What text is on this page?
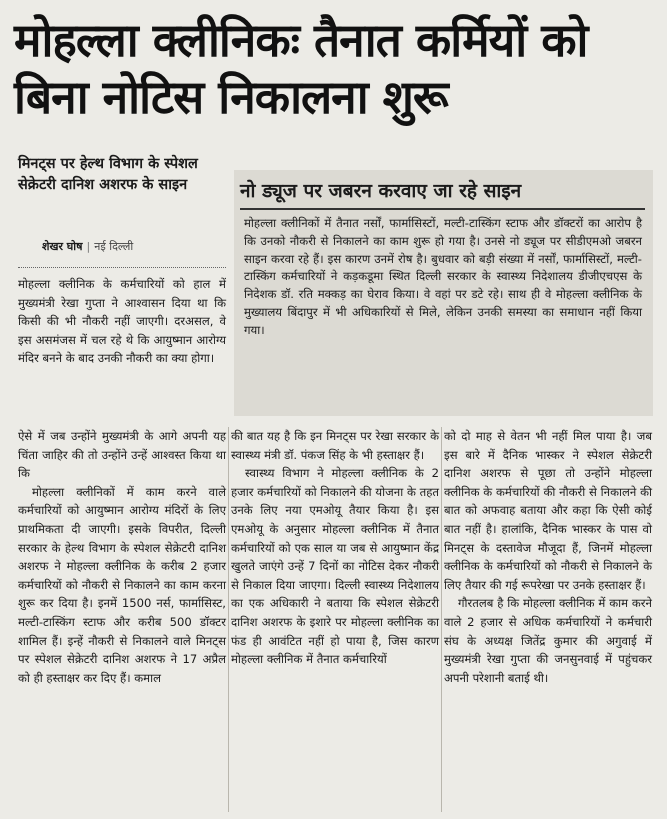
मोहल्ला क्लीनिकः तैनात कर्मियों को बिना नोटिस निकालना शुरू
मिनट्स पर हेल्थ विभाग के स्पेशल सेक्रेटरी दानिश अशरफ के साइन
शेखर घोष | नई दिल्ली

मोहल्ला क्लीनिक के कर्मचारियों को हाल में मुख्यमंत्री रेखा गुप्ता ने आश्वासन दिया था कि किसी की भी नौकरी नहीं जाएगी। दरअसल, वे इस असमंजस में चल रहे थे कि आयुष्मान आरोग्य मंदिर बनने के बाद उनकी नौकरी का क्या होगा।

नो ड्यूज पर जबरन करवाए जा रहे साइन

मोहल्ला क्लीनिकों में तैनात नर्सों, फार्मासिस्टों, मल्टी-टास्किंग स्टाफ और डॉक्टरों का आरोप है कि उनको नौकरी से निकालने का काम शुरू हो गया है। उनसे नो ड्यूज पर सीडीएमओ जबरन साइन करवा रहे हैं। इस कारण उनमें रोष है। बुधवार को बड़ी संख्या में नर्सों, फार्मासिस्टों, मल्टी-टास्किंग कर्मचारियों ने कड़कडूमा स्थित दिल्ली सरकार के स्वास्थ्य निदेशालय डीजीएचएस के निदेशक डॉ. रति मक्कड़ का घेराव किया। वे वहां पर डटे रहे। साथ ही वे मोहल्ला क्लीनिक के मुख्यालय बिंदापुर में भी अधिकारियों से मिले, लेकिन उनकी समस्या का समाधान नहीं किया गया।

ऐसे में जब उन्होंने मुख्यमंत्री के आगे अपनी यह चिंता जाहिर की तो उन्होंने उन्हें आश्वस्त किया था कि

मोहल्ला क्लीनिकों में काम करने वाले कर्मचारियों को आयुष्मान आरोग्य मंदिरों के लिए प्राथमिकता दी जाएगी। इसके विपरीत, दिल्ली सरकार के हेल्थ विभाग के स्पेशल सेक्रेटरी दानिश अशरफ ने मोहल्ला क्लीनिक के करीब 2 हजार कर्मचारियों को नौकरी से निकालने का काम करना शुरू कर दिया है। इनमें 1500 नर्स, फार्मासिस्ट, मल्टी-टास्किंग स्टाफ और करीब 500 डॉक्टर शामिल हैं। इन्हें नौकरी से निकालने वाले मिनट्स पर स्पेशल सेक्रेटरी दानिश अशरफ ने 17 अप्रैल को ही हस्ताक्षर कर दिए हैं। कमाल

की बात यह है कि इन मिनट्स पर रेखा सरकार के स्वास्थ्य मंत्री डॉ. पंकज सिंह के भी हस्ताक्षर हैं।

स्वास्थ्य विभाग ने मोहल्ला क्लीनिक के 2 हजार कर्मचारियों को निकालने की योजना के तहत उनके लिए नया एमओयू तैयार किया है। इस एमओयू के अनुसार मोहल्ला क्लीनिक में तैनात कर्मचारियों को एक साल या जब से आयुष्मान केंद्र खुलते जाएंगे उन्हें 7 दिनों का नोटिस देकर नौकरी से निकाल दिया जाएगा। दिल्ली स्वास्थ्य निदेशालय का एक अधिकारी ने बताया कि स्पेशल सेक्रेटरी दानिश अशरफ के इशारे पर मोहल्ला क्लीनिक का फंड ही आवंटित नहीं हो पाया है, जिस कारण मोहल्ला क्लीनिक में तैनात कर्मचारियों

को दो माह से वेतन भी नहीं मिल पाया है। जब इस बारे में दैनिक भास्कर ने स्पेशल सेक्रेटरी दानिश अशरफ से पूछा तो उन्होंने मोहल्ला क्लीनिक के कर्मचारियों की नौकरी से निकालने की बात को अफवाह बताया और कहा कि ऐसी कोई बात नहीं है। हालांकि, दैनिक भास्कर के पास वो मिनट्स के दस्तावेज मौजूदा हैं, जिनमें मोहल्ला क्लीनिक के कर्मचारियों को नौकरी से निकालने के लिए तैयार की गई रूपरेखा पर उनके हस्ताक्षर हैं।

गौरतलब है कि मोहल्ला क्लीनिक में काम करने वाले 2 हजार से अधिक कर्मचारियों ने कर्मचारी संघ के अध्यक्ष जितेंद्र कुमार की अगुवाई में मुख्यमंत्री रेखा गुप्ता की जनसुनवाई में पहुंचकर अपनी परेशानी बताई थी।
